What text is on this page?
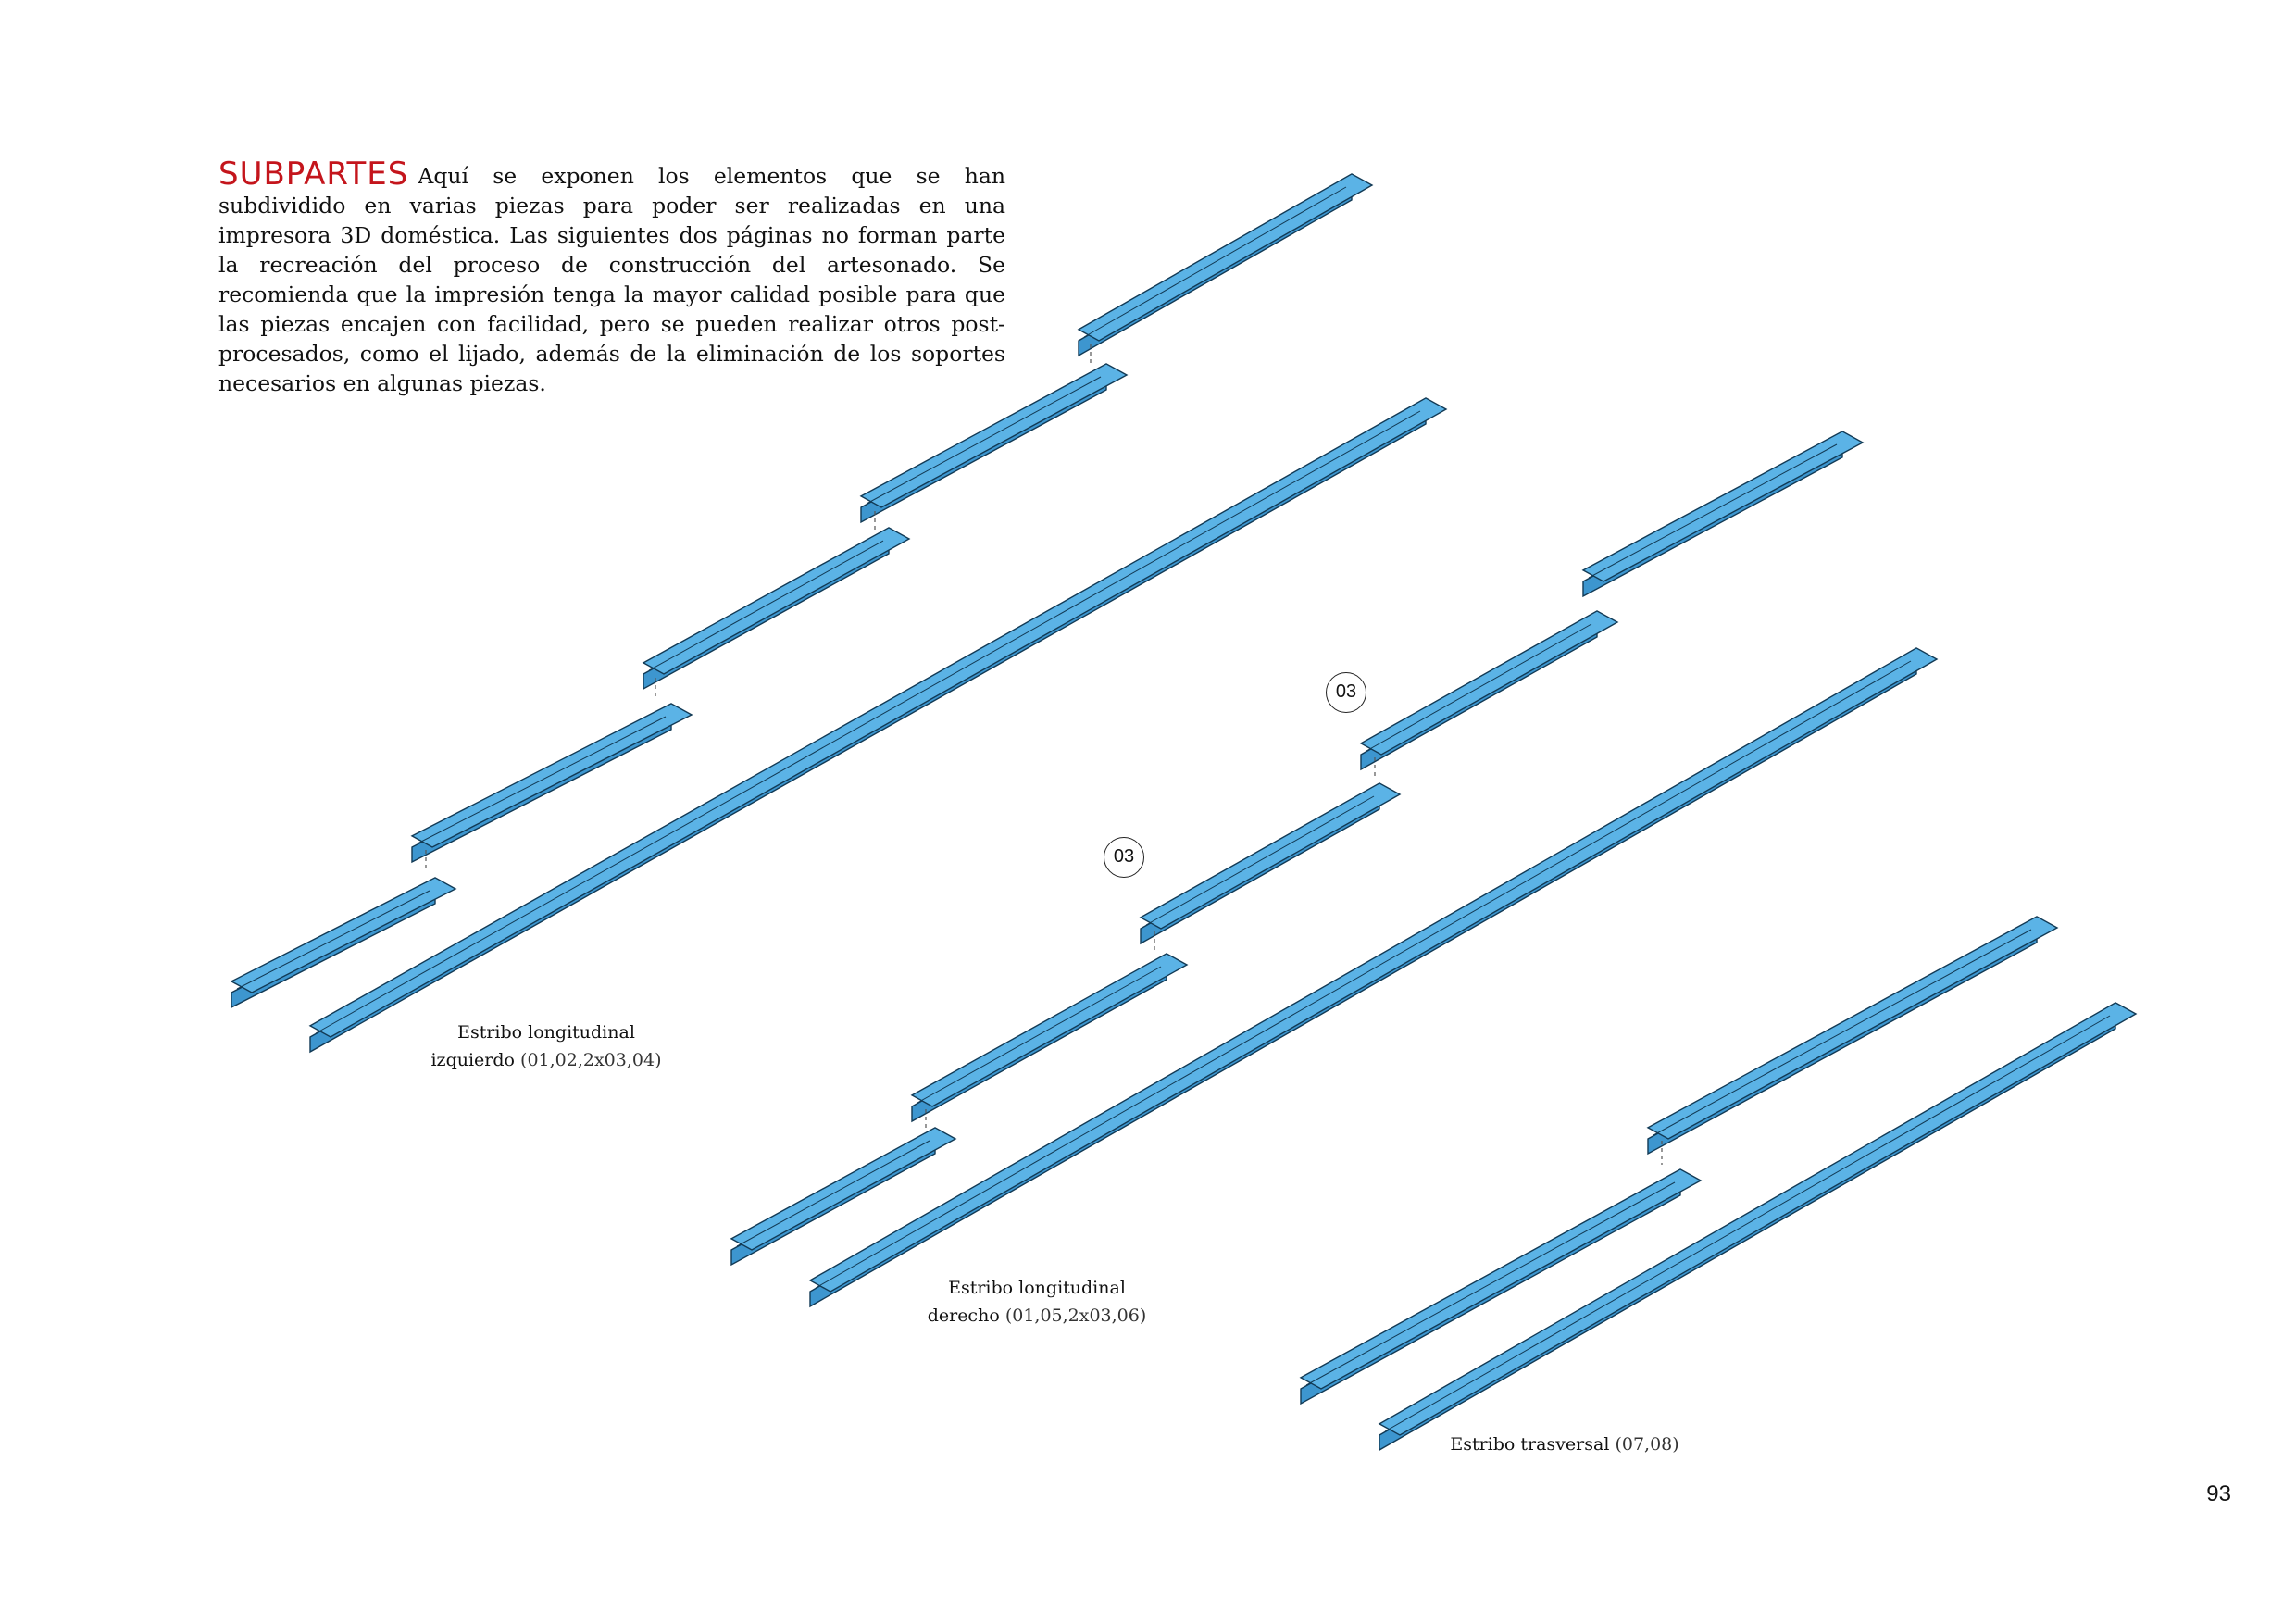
SUBPARTES Aquí se exponen los elementos que se han subdividido en varias piezas para poder ser realizadas en una impresora 3D doméstica. Las siguientes dos páginas no forman parte la recreación del proceso de construcción del artesonado. Se recomienda que la impresión tenga la mayor calidad posible para que las piezas encajen con facilidad, pero se pueden realizar otros post-procesados, como el lijado, además de la eliminación de los soportes necesarios en algunas piezas.
03
03
Estribo longitudinal
izquierdo (01,02,2x03,04)
Estribo longitudinal
derecho (01,05,2x03,06)
Estribo trasversal (07,08)
93
